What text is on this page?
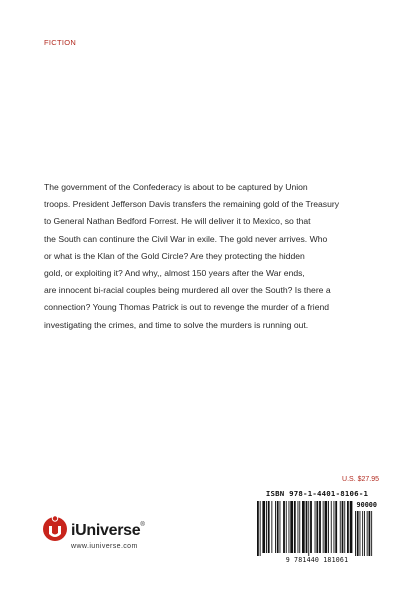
FICTION
The government of the Confederacy is about to be captured by Union
troops. President Jefferson Davis transfers the remaining gold of the Treasury
to General Nathan Bedford Forrest. He will deliver it to Mexico, so that
the South can continure the Civil War in exile. The gold never arrives. Who
or what is the Klan of the Gold Circle? Are they protecting the hidden
gold, or exploiting it? And why,, almost 150 years after the War ends,
are innocent bi-racial couples being murdered all over the South? Is there a
connection? Young Thomas Patrick is out to revenge the murder of a friend
investigating the crimes, and time to solve the murders is running out.
U.S. $27.95
ISBN 978-1-4401-8106-1
90000
9 781440 181061
iUniverse®
www.iuniverse.com
